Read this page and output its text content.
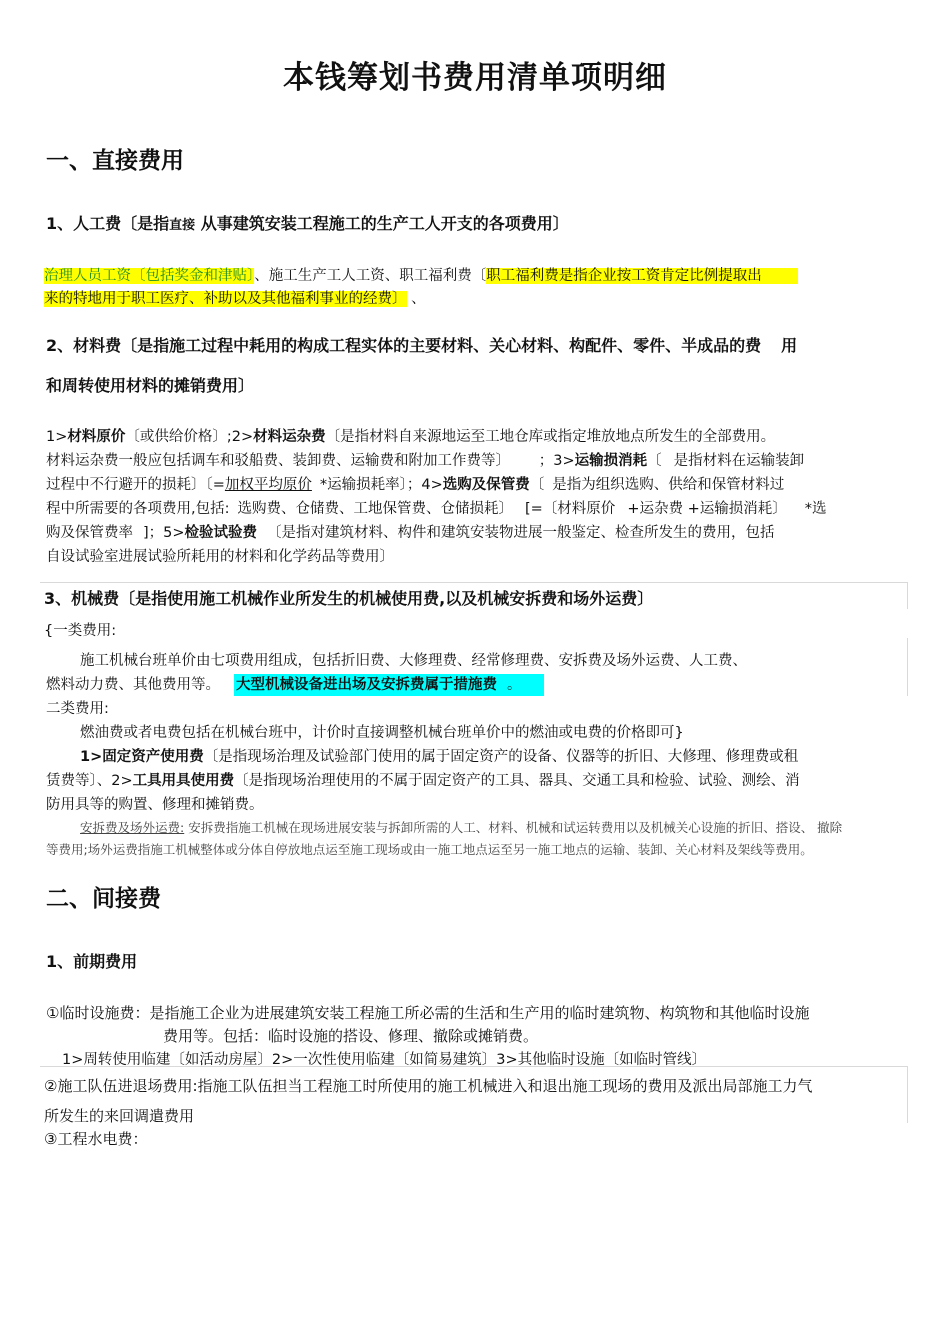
本钱筹划书费用清单项明细
一、直接费用
1、人工费〔是指直接 从事建筑安装工程施工的生产工人开支的各项费用〕
治理人员工资〔包括奖金和津贴〕、施工生产工人工资、职工福利费〔职工福利费是指企业按工资肯定比例提取出
来的特地用于职工医疗、补助以及其他福利事业的经费〕 、
2、材料费〔是指施工过程中耗用的构成工程实体的主要材料、关心材料、构配件、零件、半成品的费 用
和周转使用材料的摊销费用〕
1>材料原价〔或供给价格〕;2>材料运杂费〔是指材料自来源地运至工地仓库或指定堆放地点所发生的全部费用。
材料运杂费一般应包括调车和驳船费、装卸费、运输费和附加工作费等〕 ；3>运输损消耗〔 是指材料在运输装卸
过程中不行避开的损耗〕〔=加权平均原价 *运输损耗率〕；4>选购及保管费〔 是指为组织选购、供给和保管材料过
程中所需要的各项费用,包括: 选购费、仓储费、工地保管费、仓储损耗〕 [=〔材料原价 +运杂费 +运输损消耗〕 *选
购及保管费率 ]；5>检验试验费 〔是指对建筑材料、构件和建筑安装物进展一般鉴定、检查所发生的费用，包括
自设试验室进展试验所耗用的材料和化学药品等费用〕
3、机械费〔是指使用施工机械作业所发生的机械使用费,以及机械安拆费和场外运费〕
{一类费用:
施工机械台班单价由七项费用组成，包括折旧费、大修理费、经常修理费、安拆费及场外运费、人工费、
燃料动力费、其他费用等。 大型机械设备进出场及安拆费属于措施费 。
二类费用:
燃油费或者电费包括在机械台班中，计价时直接调整机械台班单价中的燃油或电费的价格即可}
1>固定资产使用费〔是指现场治理及试验部门使用的属于固定资产的设备、仪器等的折旧、大修理、修理费或租
赁费等〕、2>工具用具使用费〔是指现场治理使用的不属于固定资产的工具、器具、交通工具和检验、试验、测绘、消
防用具等的购置、修理和摊销费。
安拆费及场外运费: 安拆费指施工机械在现场进展安装与拆卸所需的人工、材料、机械和试运转费用以及机械关心设施的折旧、搭设、 撤除
等费用;场外运费指施工机械整体或分体自停放地点运至施工现场或由一施工地点运至另一施工地点的运输、装卸、关心材料及架线等费用。
二、间接费
1、前期费用
①临时设施费：是指施工企业为进展建筑安装工程施工所必需的生活和生产用的临时建筑物、构筑物和其他临时设施
费用等。包括：临时设施的搭设、修理、撤除或摊销费。
1>周转使用临建〔如活动房屋〕2>一次性使用临建〔如简易建筑〕3>其他临时设施〔如临时管线〕
②施工队伍进退场费用:指施工队伍担当工程施工时所使用的施工机械进入和退出施工现场的费用及派出局部施工力气
所发生的来回调遣费用
③工程水电费：
